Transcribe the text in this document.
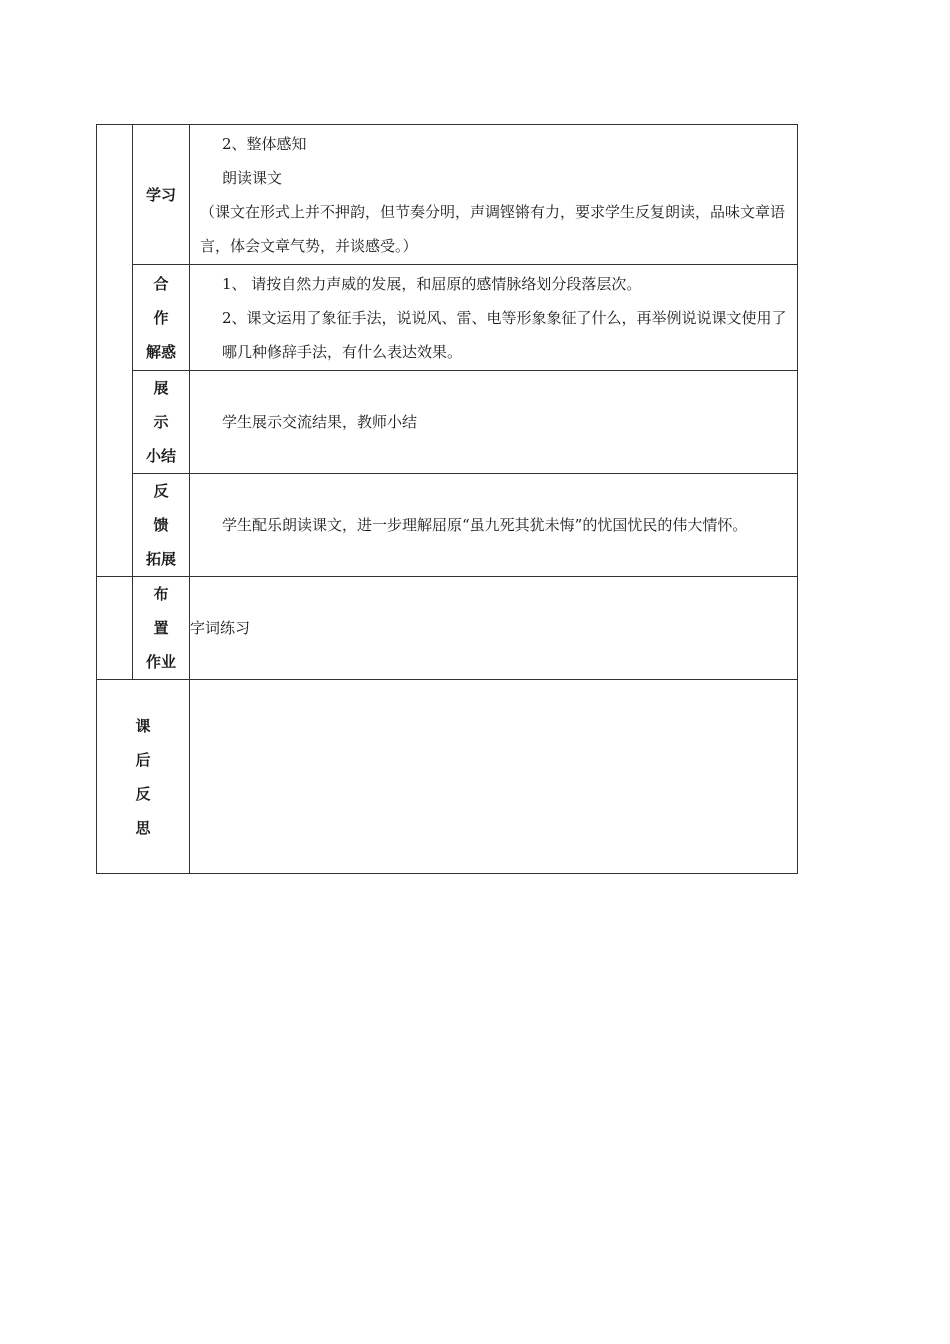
	学习	2、整体感知
朗读课文
（课文在形式上并不押韵，但节奏分明，声调铿锵有力，要求学生反复朗读，品味文章语言，体会文章气势，并谈感受。）

	合 作
解惑	1、 请按自然力声威的发展，和屈原的感情脉络划分段落层次。
2、课文运用了象征手法，说说风、雷、电等形象象征了什么，再举例说说课文使用了哪几种修辞手法，有什么表达效果。

	展 示
小结	学生展示交流结果，教师小结

	反 馈
拓展	学生配乐朗读课文，进一步理解屈原“虽九死其犹未悔”的忧国忧民的伟大情怀。

	布 置
作业	字词练习

课
后
反
思		
